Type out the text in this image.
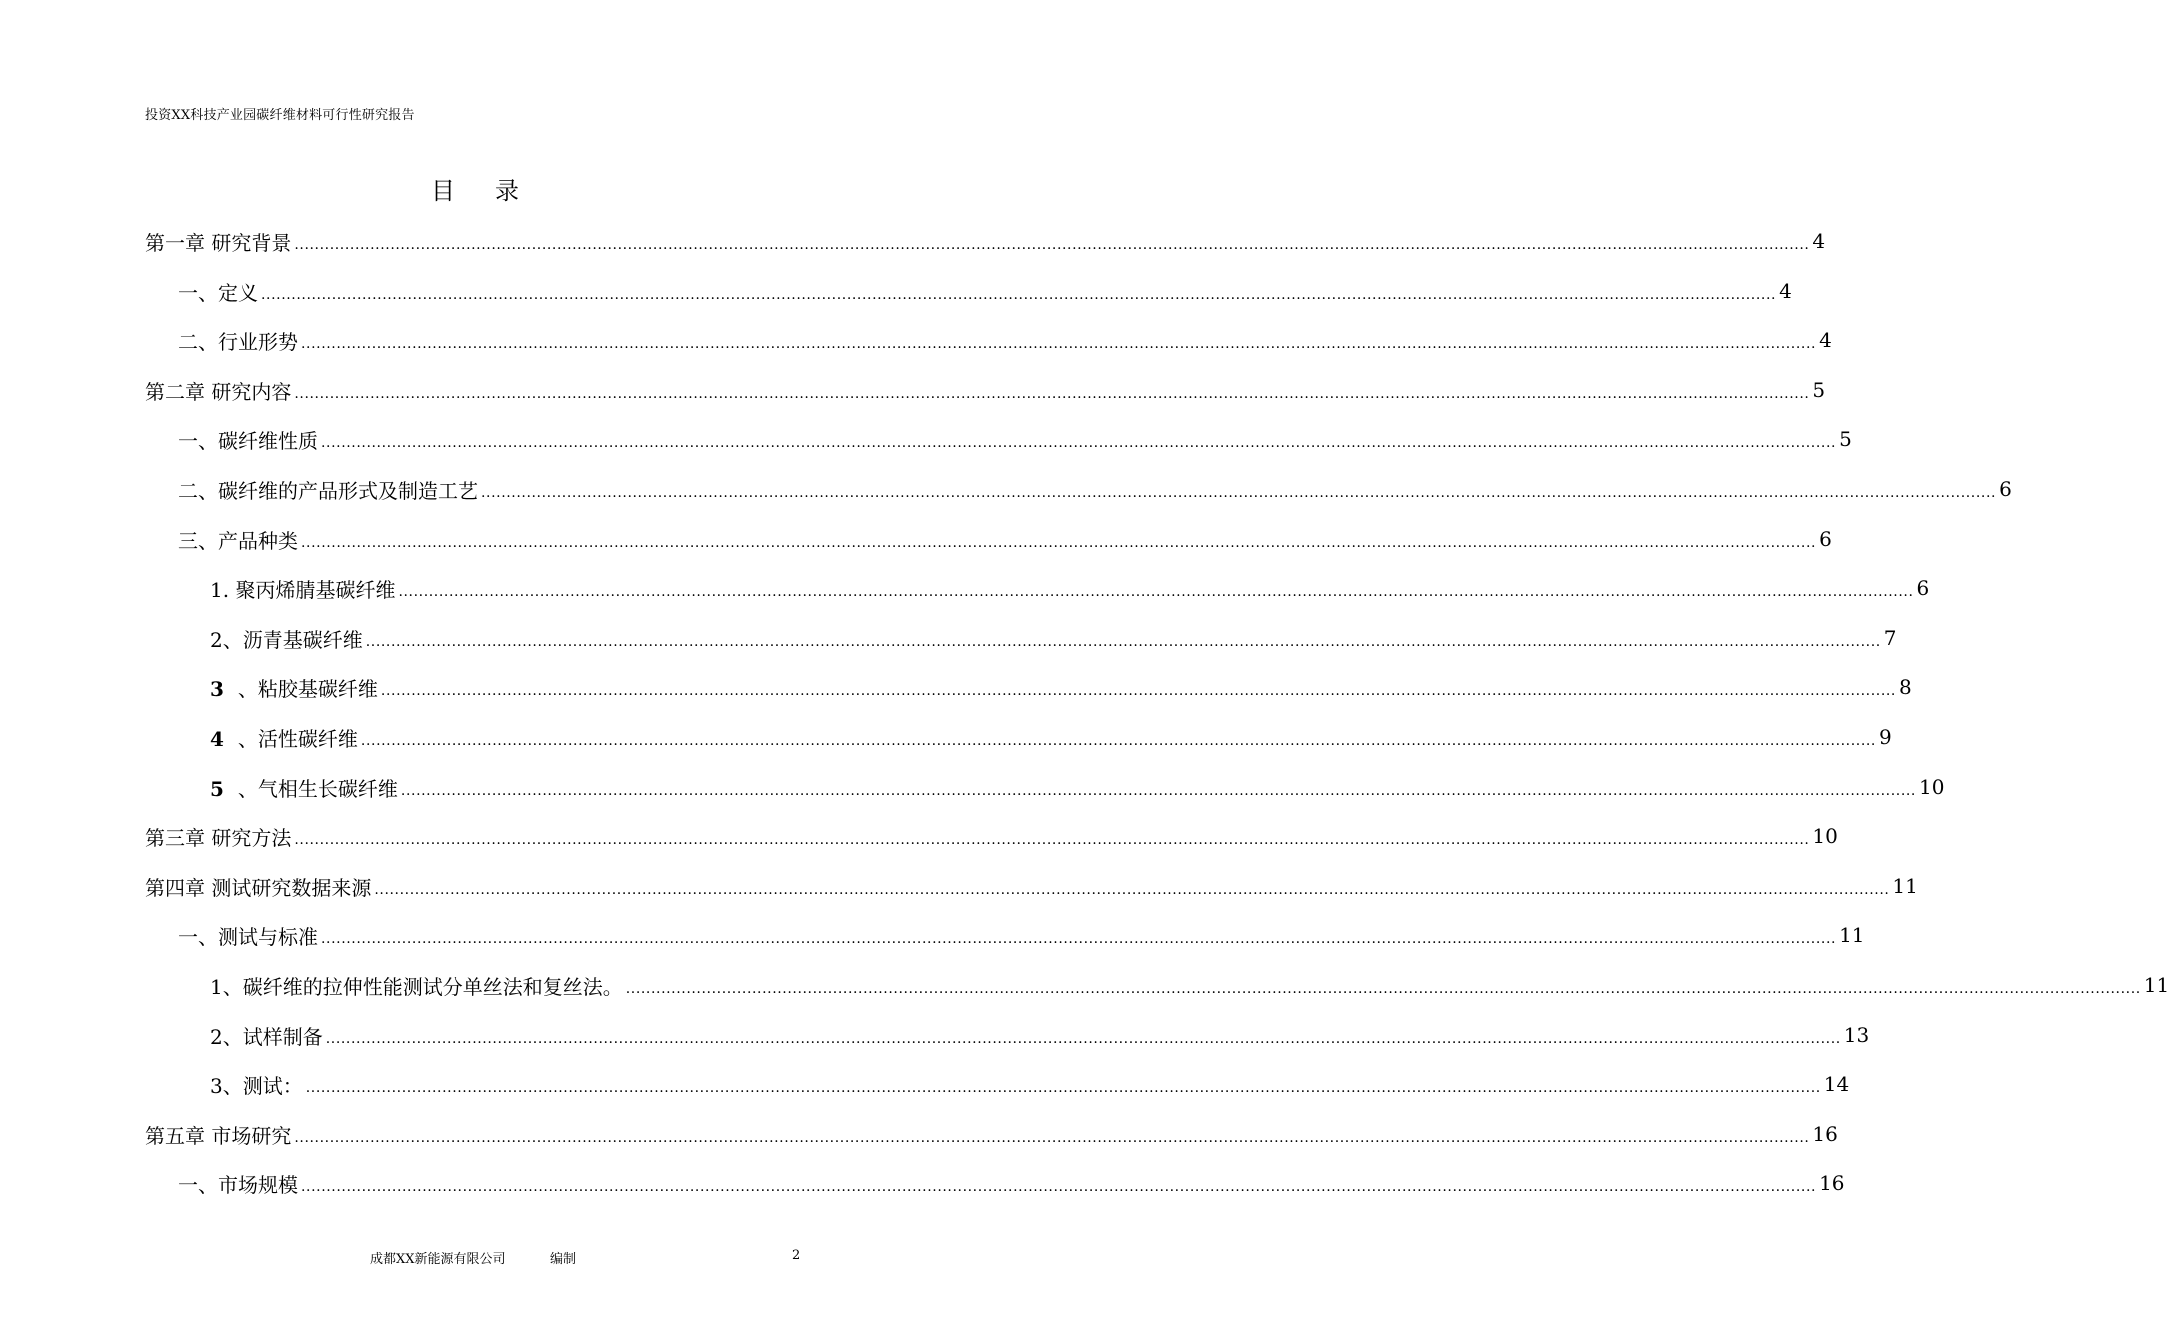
投资XX科技产业园碳纤维材料可行性研究报告
目 录
第一章 研究背景 ............................................................................................................................................................................................................................................................................................................ 4
一、定义 ............................................................................................................................................................................................................................................................................................................ 4
二、行业形势 ............................................................................................................................................................................................................................................................................................................ 4
第二章 研究内容 ............................................................................................................................................................................................................................................................................................................ 5
一、碳纤维性质 ............................................................................................................................................................................................................................................................................................................ 5
二、碳纤维的产品形式及制造工艺 ............................................................................................................................................................................................................................................................................................................ 6
三、产品种类 ............................................................................................................................................................................................................................................................................................................ 6
1. 聚丙烯腈基碳纤维 ............................................................................................................................................................................................................................................................................................................ 6
2、沥青基碳纤维 ............................................................................................................................................................................................................................................................................................................ 7
3 、粘胶基碳纤维 ............................................................................................................................................................................................................................................................................................................ 8
4 、活性碳纤维 ............................................................................................................................................................................................................................................................................................................ 9
5 、气相生长碳纤维 ............................................................................................................................................................................................................................................................................................................ 10
第三章 研究方法 ............................................................................................................................................................................................................................................................................................................ 10
第四章 测试研究数据来源 ............................................................................................................................................................................................................................................................................................................ 11
一、测试与标准 ............................................................................................................................................................................................................................................................................................................ 11
1、碳纤维的拉伸性能测试分单丝法和复丝法。 ............................................................................................................................................................................................................................................................................................................ 11
2、试样制备 ............................................................................................................................................................................................................................................................................................................ 13
3、测试： ............................................................................................................................................................................................................................................................................................................ 14
第五章 市场研究 ............................................................................................................................................................................................................................................................................................................ 16
一、市场规模 ............................................................................................................................................................................................................................................................................................................ 16
成都XX新能源有限公司	编制	2
